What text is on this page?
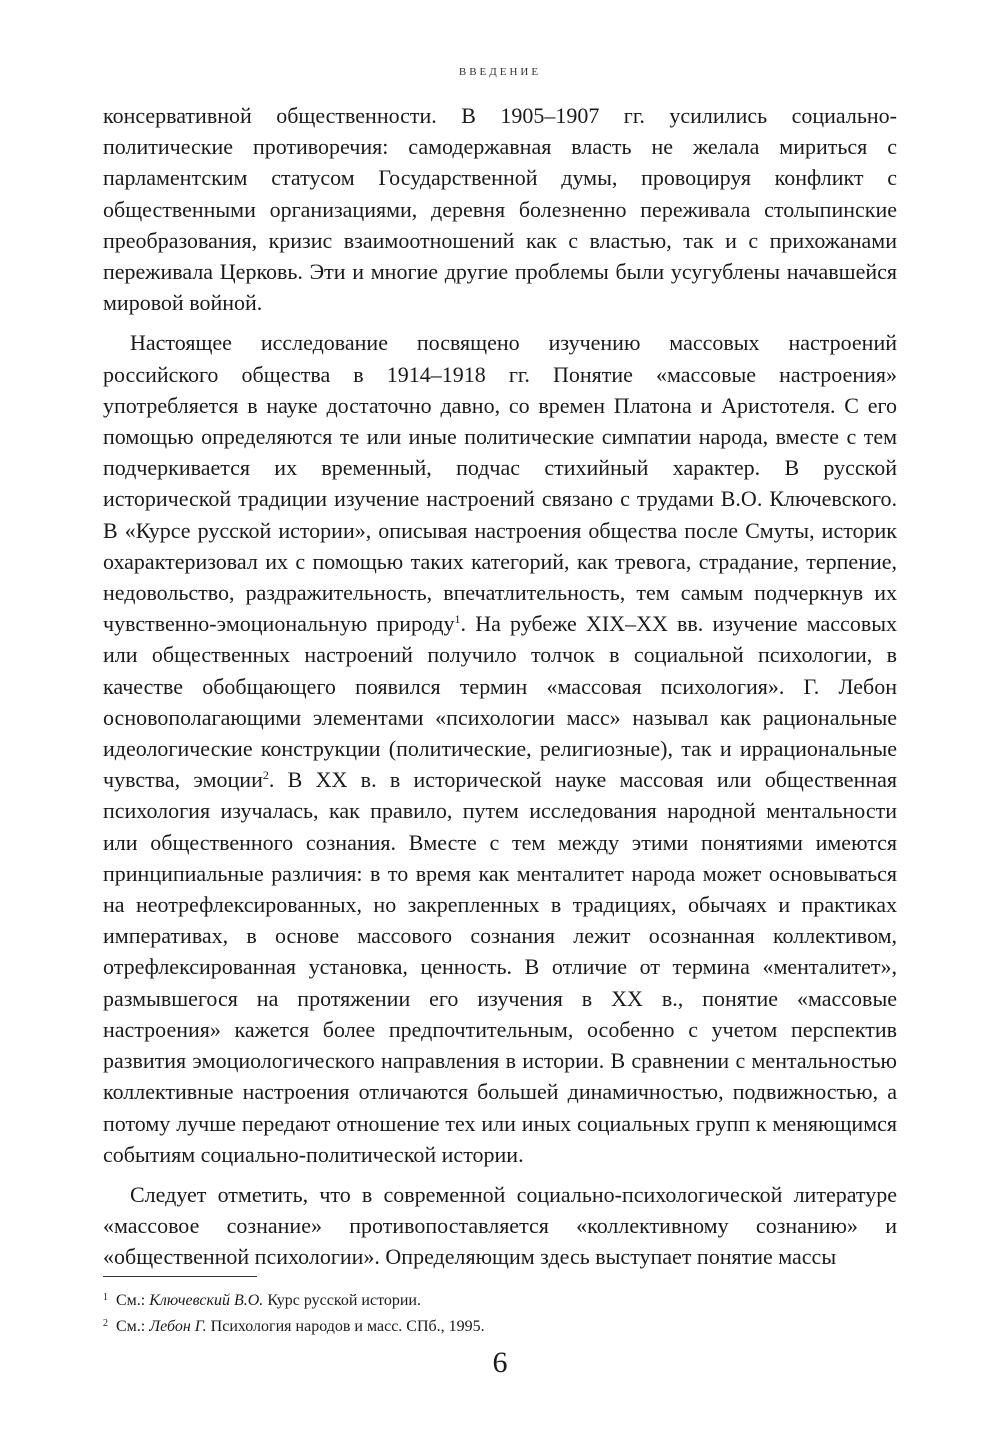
ВВЕДЕНИЕ

консервативной общественности. В 1905–1907 гг. усилились социально-политические противоречия: самодержавная власть не желала мириться с парламентским статусом Государственной думы, провоцируя конфликт с общественными организациями, деревня болезненно переживала столыпинские преобразования, кризис взаимоотношений как с властью, так и с прихожанами переживала Церковь. Эти и многие другие проблемы были усугублены начавшейся мировой войной.

Настоящее исследование посвящено изучению массовых настроений российского общества в 1914–1918 гг. Понятие «массовые настроения» употребляется в науке достаточно давно, со времен Платона и Аристотеля. С его помощью определяются те или иные политические симпатии народа, вместе с тем подчеркивается их временный, подчас стихийный характер. В русской исторической традиции изучение настроений связано с трудами В.О. Ключевского. В «Курсе русской истории», описывая настроения общества после Смуты, историк охарактеризовал их с помощью таких категорий, как тревога, страдание, терпение, недовольство, раздражительность, впечатлительность, тем самым подчеркнув их чувственно-эмоциональную природу$^1$. На рубеже XIX–XX вв. изучение массовых или общественных настроений получило толчок в социальной психологии, в качестве обобщающего появился термин «массовая психология». Г. Лебон основополагающими элементами «психологии масс» называл как рациональные идеологические конструкции (политические, религиозные), так и иррациональные чувства, эмоции$^2$. В XX в. в исторической науке массовая или общественная психология изучалась, как правило, путем исследования народной ментальности или общественного сознания. Вместе с тем между этими понятиями имеются принципиальные различия: в то время как менталитет народа может основываться на неотрефлексированных, но закрепленных в традициях, обычаях и практиках императивах, в основе массового сознания лежит осознанная коллективом, отрефлексированная установка, ценность. В отличие от термина «менталитет», размывшегося на протяжении его изучения в XX в., понятие «массовые настроения» кажется более предпочтительным, особенно с учетом перспектив развития эмоциологического направления в истории. В сравнении с ментальностью коллективные настроения отличаются большей динамичностью, подвижностью, а потому лучше передают отношение тех или иных социальных групп к меняющимся событиям социально-политической истории.

Следует отметить, что в современной социально-психологической литературе «массовое сознание» противопоставляется «коллективному сознанию» и «общественной психологии». Определяющим здесь выступает понятие массы

$^1$ См.: Ключевский В.О. Курс русской истории.

$^2$ См.: Лебон Г. Психология народов и масс. СПб., 1995.

6
